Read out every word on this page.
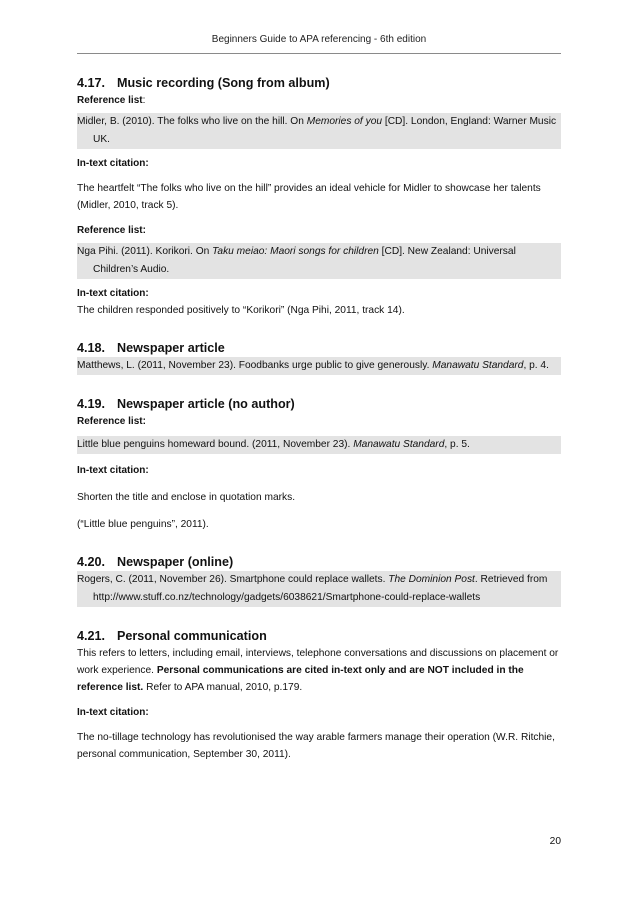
Beginners Guide to APA referencing - 6th edition
4.17. Music recording (Song from album)

Reference list:

Midler, B. (2010). The folks who live on the hill. On Memories of you [CD]. London, England: Warner Music UK.

In-text citation:

The heartfelt “The folks who live on the hill” provides an ideal vehicle for Midler to showcase her talents (Midler, 2010, track 5).

Reference list:

Nga Pihi. (2011). Korikori. On Taku meiao: Maori songs for children [CD]. New Zealand: Universal Children’s Audio.

In-text citation:

The children responded positively to “Korikori” (Nga Pihi, 2011, track 14).

4.18. Newspaper article

Matthews, L. (2011, November 23). Foodbanks urge public to give generously. Manawatu Standard, p. 4.

4.19. Newspaper article (no author)

Reference list:

Little blue penguins homeward bound. (2011, November 23). Manawatu Standard, p. 5.

In-text citation:

Shorten the title and enclose in quotation marks.

(“Little blue penguins”, 2011).

4.20. Newspaper (online)

Rogers, C. (2011, November 26). Smartphone could replace wallets. The Dominion Post. Retrieved from http://www.stuff.co.nz/technology/gadgets/6038621/Smartphone-could-replace-wallets

4.21. Personal communication

This refers to letters, including email, interviews, telephone conversations and discussions on placement or work experience. Personal communications are cited in-text only and are NOT included in the reference list. Refer to APA manual, 2010, p.179.

In-text citation:

The no-tillage technology has revolutionised the way arable farmers manage their operation (W.R. Ritchie, personal communication, September 30, 2011).

20
